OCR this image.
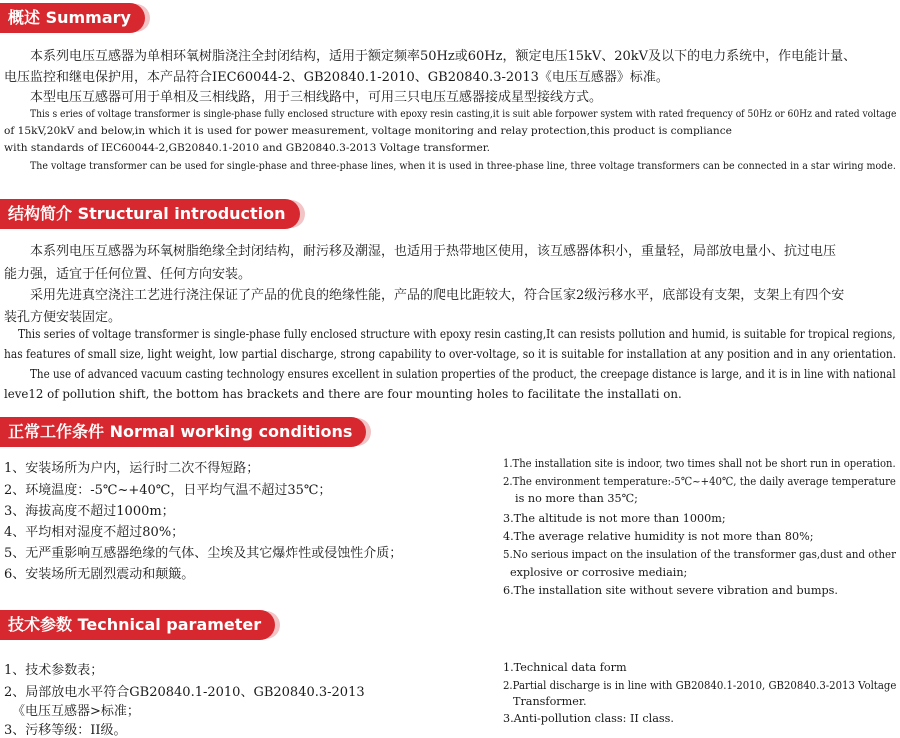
概述 Summary
本系列电压互感器为单相环氧树脂浇注全封闭结构，适用于额定频率50Hz或60Hz，额定电压15kV、20kV及以下的电力系统中，作电能计量、
电压监控和继电保护用，本产品符合IEC60044-2、GB20840.1-2010、GB20840.3-2013《电压互感器》标准。
本型电压互感器可用于单相及三相线路，用于三相线路中，可用三只电压互感器接成星型接线方式。
This s eries of voltage transformer is single-phase fully enclosed structure with epoxy resin casting,it is suit able forpower system with rated frequency of 50Hz or 60Hz and rated voltage
of 15kV,20kV and below,in which it is used for power measurement, voltage monitoring and relay protection,this product is compliance
with standards of IEC60044-2,GB20840.1-2010 and GB20840.3-2013 Voltage transformer.
The voltage transformer can be used for single-phase and three-phase lines, when it is used in three-phase line, three voltage transformers can be connected in a star wiring mode.
结构简介 Structural introduction
本系列电压互感器为环氧树脂绝缘全封闭结构，耐污移及潮湿，也适用于热带地区使用，该互感器体积小，重量轻，局部放电量小、抗过电压
能力强，适宜于任何位置、任何方向安装。
采用先进真空浇注工艺进行浇注保证了产品的优良的绝缘性能，产品的爬电比距较大，符合匡家2级污移水平，底部设有支架，支架上有四个安
装孔方便安装固定。
This series of voltage transformer is single-phase fully enclosed structure with epoxy resin casting,It can resists pollution and humid, is suitable for tropical regions,
has features of small size, light weight, low partial discharge, strong capability to over-voltage, so it is suitable for installation at any position and in any orientation.
The use of advanced vacuum casting technology ensures excellent in sulation properties of the product, the creepage distance is large, and it is in line with national
leve12 of pollution shift, the bottom has brackets and there are four mounting holes to facilitate the installati on.
正常工作条件 Normal working conditions
1、安装场所为户内，运行时二次不得短路；
2、环境温度：-5℃~+40℃，日平均气温不超过35℃；
3、海拔高度不超过1000m；
4、平均相对湿度不超过80%；
5、无严重影响互感器绝缘的气体、尘埃及其它爆炸性或侵蚀性介质；
6、安装场所无剧烈震动和颠簸。
1.The installation site is indoor, two times shall not be short run in operation.
2.The environment temperature:-5℃~+40℃, the daily average temperature
is no more than 35℃;
3.The altitude is not more than 1000m;
4.The average relative humidity is not more than 80%;
5.No serious impact on the insulation of the transformer gas,dust and other
explosive or corrosive mediain;
6.The installation site without severe vibration and bumps.
技术参数 Technical parameter
1、技术参数表；
2、局部放电水平符合GB20840.1-2010、GB20840.3-2013
《电压互感器>标准；
3、污移等级：II级。
1.Technical data form
2.Partial discharge is in line with GB20840.1-2010, GB20840.3-2013 Voltage
Transformer.
3.Anti-pollution class: II class.
